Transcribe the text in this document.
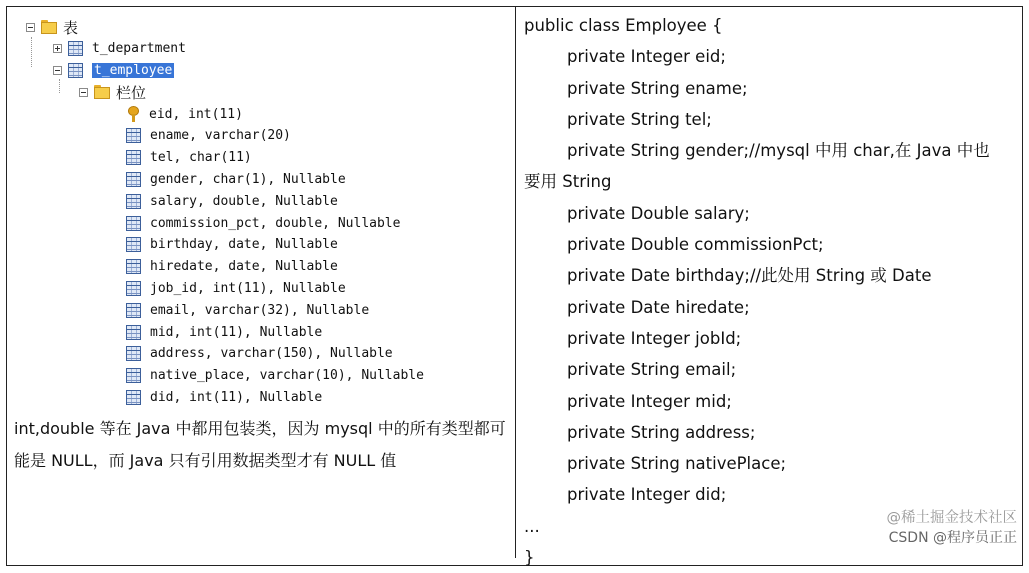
表
t_department
t_employee
栏位
eid, int(11)
ename, varchar(20)
tel, char(11)
gender, char(1), Nullable
salary, double, Nullable
commission_pct, double, Nullable
birthday, date, Nullable
hiredate, date, Nullable
job_id, int(11), Nullable
email, varchar(32), Nullable
mid, int(11), Nullable
address, varchar(150), Nullable
native_place, varchar(10), Nullable
did, int(11), Nullable
int,double 等在 Java 中都用包装类，因为 mysql 中的所有类型都可能是 NULL，而 Java 只有引用数据类型才有 NULL 值
public class Employee {
private Integer eid;
private String ename;
private String tel;
private String gender;//mysql 中用 char,在 Java 中也
要用 String
private Double salary;
private Double commissionPct;
private Date birthday;//此处用 String 或 Date
private Date hiredate;
private Integer jobId;
private String email;
private Integer mid;
private String address;
private String nativePlace;
private Integer did;
...
}
@稀土掘金技术社区
CSDN @程序员正正
